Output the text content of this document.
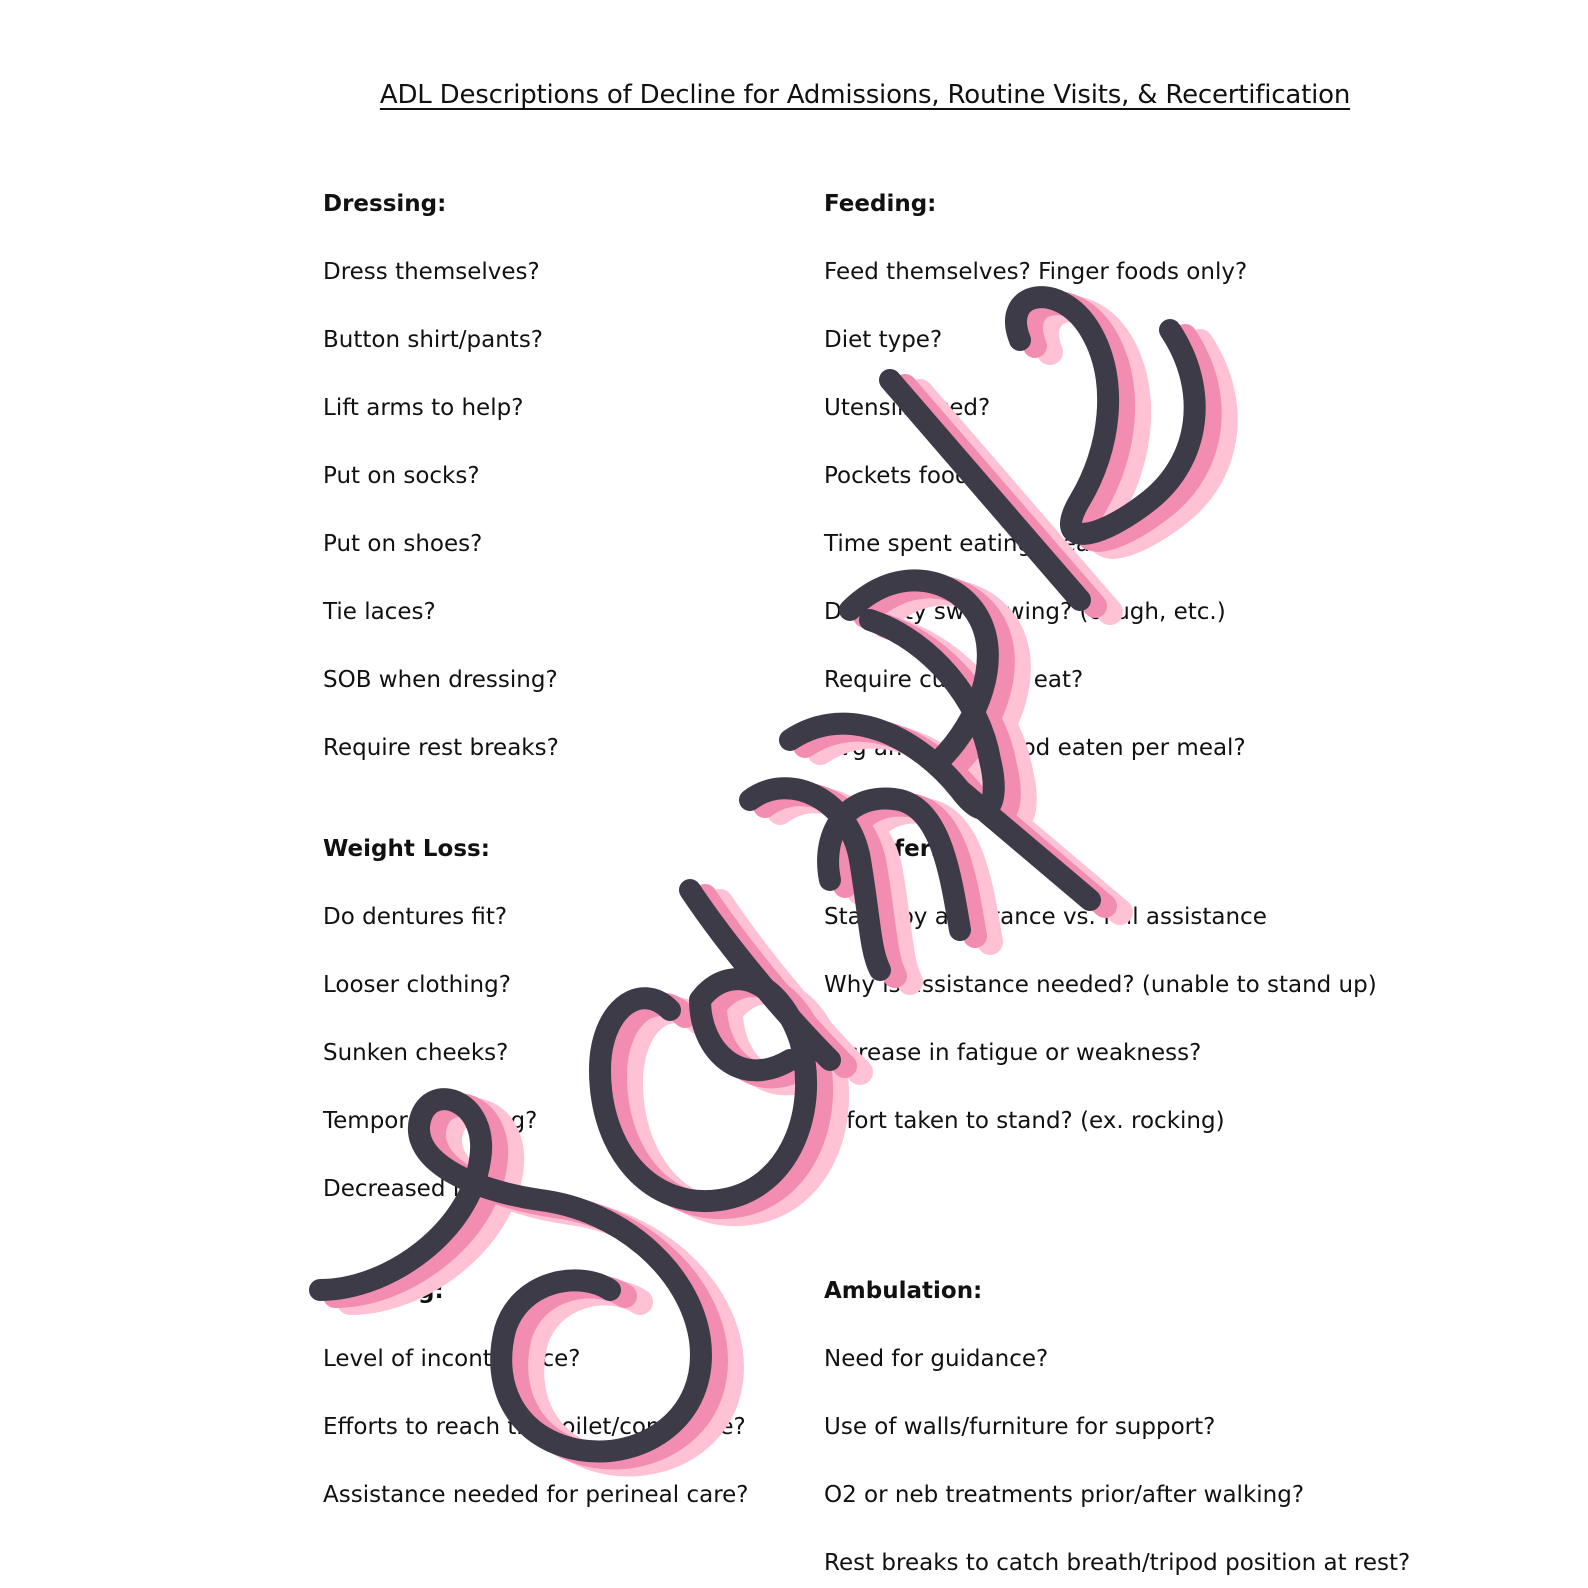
ADL Descriptions of Decline for Admissions, Routine Visits, & Recertification
Dressing:
Dress themselves?
Button shirt/pants?
Lift arms to help?
Put on socks?
Put on shoes?
Tie laces?
SOB when dressing?
Require rest breaks?
Feeding:
Feed themselves? Finger foods only?
Diet type?
Utensils used?
Pockets food?
Time spent eating meals?
Difficulty swallowing? (cough, etc.)
Require cueing to eat?
Avg amount of food eaten per meal?
Weight Loss:
Do dentures fit?
Looser clothing?
Sunken cheeks?
Temporal wasting?
Decreased MAC?
Transfers:
Stand-by assistance vs. full assistance
Why is assistance needed? (unable to stand up)
Increase in fatigue or weakness?
Effort taken to stand? (ex. rocking)
Toileting:
Level of incontinence?
Efforts to reach the toilet/commode?
Assistance needed for perineal care?
Ambulation:
Need for guidance?
Use of walls/furniture for support?
O2 or neb treatments prior/after walking?
Rest breaks to catch breath/tripod position at rest?
